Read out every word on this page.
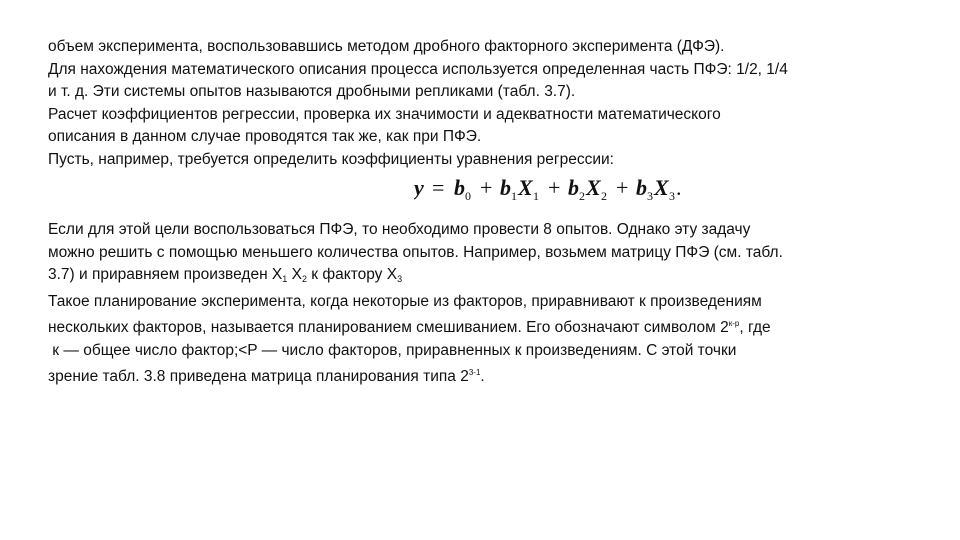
объем эксперимента, воспользовавшись методом дробного факторного эксперимента (ДФЭ).
Для нахождения математического описания процесса используется определенная часть ПФЭ: 1/2, 1/4
и т. д. Эти системы опытов называются дробными репликами (табл. 3.7).
Расчет коэффициентов регрессии, проверка их значимости и адекватности математического
описания в данном случае проводятся так же, как при ПФЭ.
Пусть, например, требуется определить коэффициенты уравнения регрессии:
y = b 0 + b 1 X 1 + b 2 X 2 + b 3 X 3 .
Если для этой цели воспользоваться ПФЭ, то необходимо провести 8 опытов. Однако эту задачу
можно решить с помощью меньшего количества опытов. Например, возьмем матрицу ПФЭ (см. табл.
3.7) и приравняем произведен $X_1$ $X_2$ к фактору $X_3$
Такое планирование эксперимента, когда некоторые из факторов, приравнивают к произведениям
нескольких факторов, называется планированием смешиванием. Его обозначают символом $2^{к-р}$, где
к — общее число фактор;<P — число факторов, приравненных к произведениям. С этой точки
зрение табл. 3.8 приведена матрица планирования типа 2$^{3-1}$.
